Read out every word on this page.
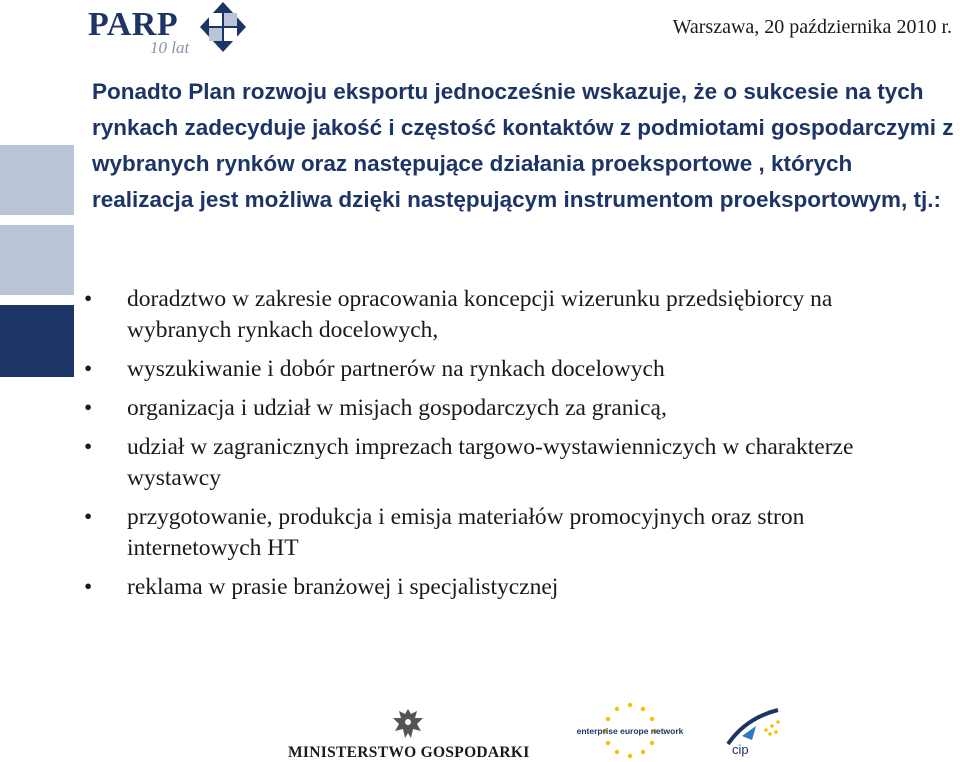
PARP
10 lat
Warszawa, 20 października 2010 r.

Ponadto Plan rozwoju eksportu jednocześnie wskazuje, że o sukcesie na tych rynkach zadecyduje jakość i częstość kontaktów z podmiotami gospodarczymi z wybranych rynków oraz następujące działania proeksportowe , których realizacja jest możliwa dzięki następującym instrumentom proeksportowym, tj.:

• doradztwo w zakresie opracowania koncepcji wizerunku przedsiębiorcy na wybranych rynkach docelowych,
• wyszukiwanie i dobór partnerów na rynkach docelowych
• organizacja i udział w misjach gospodarczych za granicą,
• udział w zagranicznych imprezach targowo-wystawienniczych w charakterze wystawcy
• przygotowanie, produkcja i emisja materiałów promocyjnych oraz stron internetowych HT
• reklama w prasie branżowej i specjalistycznej
MINISTERSTWO GOSPODARKI
enterprise europe network
cip
